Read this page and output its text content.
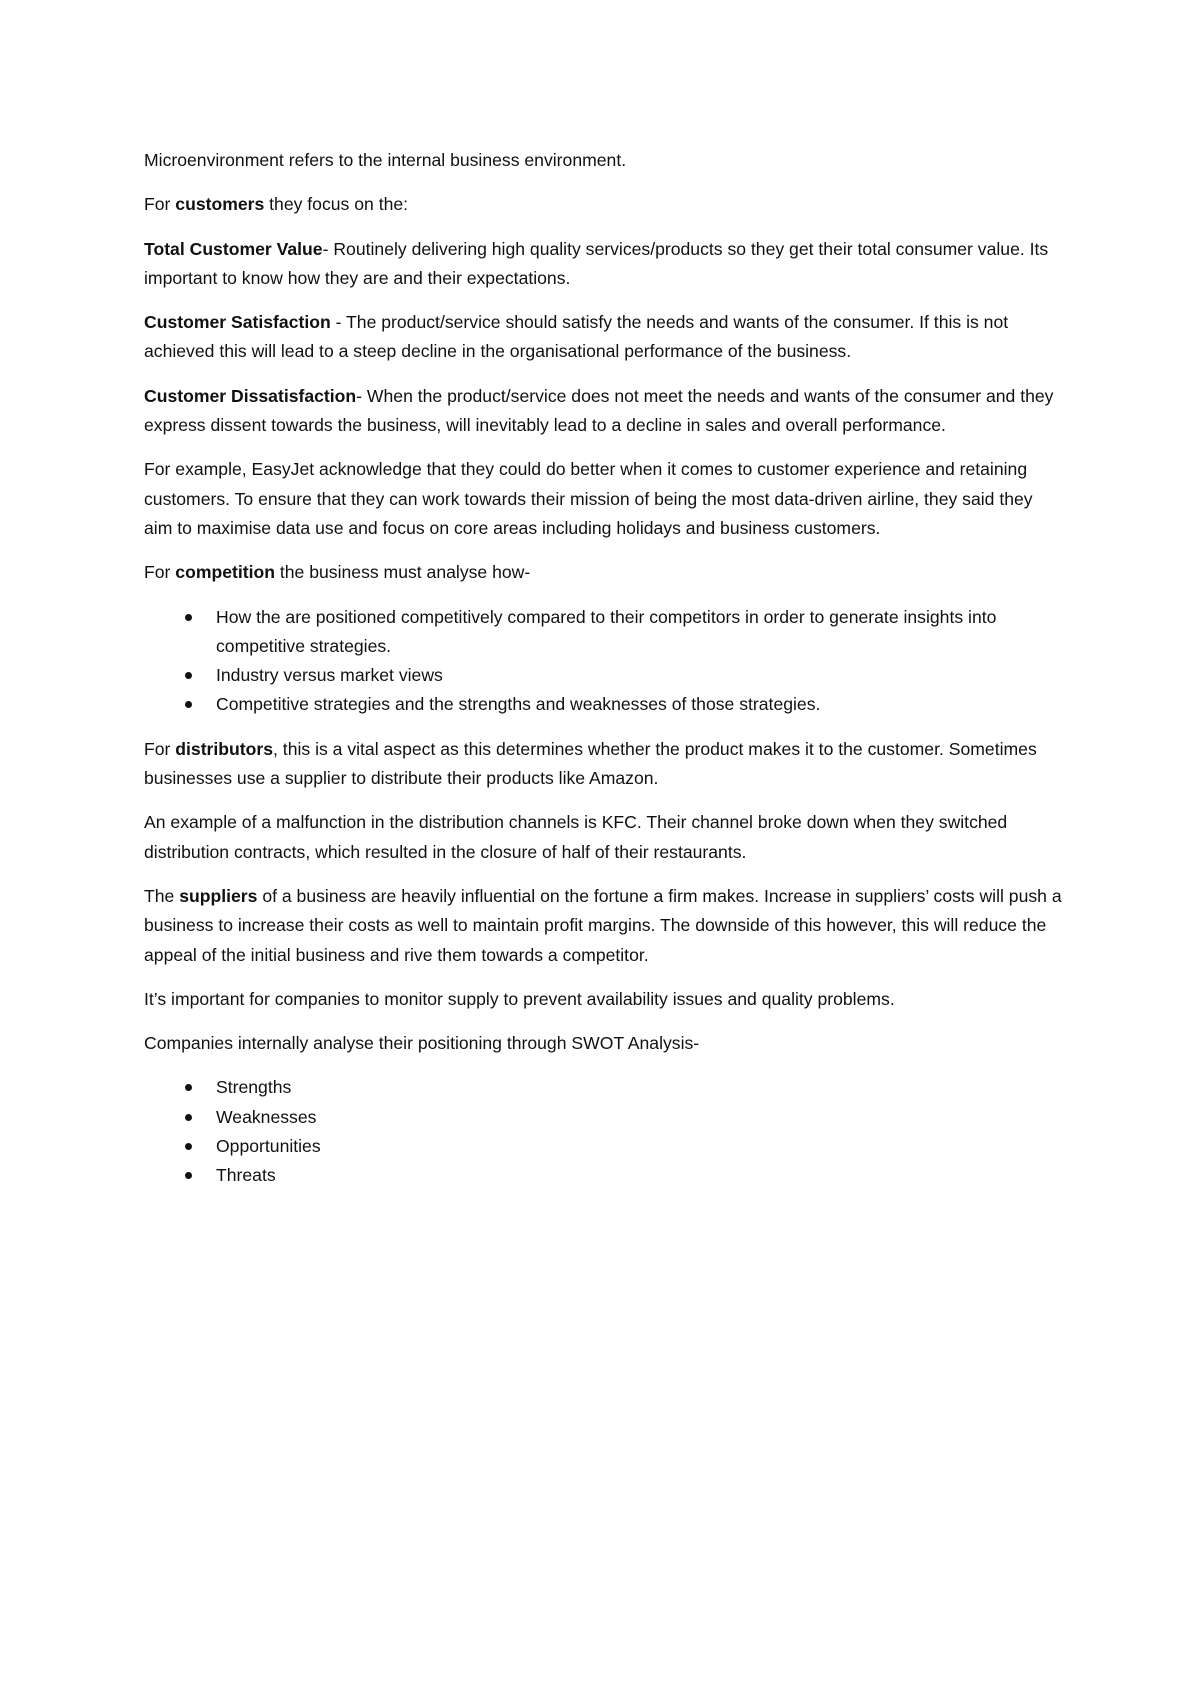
Microenvironment refers to the internal business environment.

For customers they focus on the:

Total Customer Value- Routinely delivering high quality services/products so they get their total consumer value. Its important to know how they are and their expectations.

Customer Satisfaction - The product/service should satisfy the needs and wants of the consumer. If this is not achieved this will lead to a steep decline in the organisational performance of the business.

Customer Dissatisfaction- When the product/service does not meet the needs and wants of the consumer and they express dissent towards the business, will inevitably lead to a decline in sales and overall performance.

For example, EasyJet acknowledge that they could do better when it comes to customer experience and retaining customers. To ensure that they can work towards their mission of being the most data-driven airline, they said they aim to maximise data use and focus on core areas including holidays and business customers.

For competition the business must analyse how-

How the are positioned competitively compared to their competitors in order to generate insights into competitive strategies.
Industry versus market views
Competitive strategies and the strengths and weaknesses of those strategies.

For distributors, this is a vital aspect as this determines whether the product makes it to the customer. Sometimes businesses use a supplier to distribute their products like Amazon.

An example of a malfunction in the distribution channels is KFC. Their channel broke down when they switched distribution contracts, which resulted in the closure of half of their restaurants.

The suppliers of a business are heavily influential on the fortune a firm makes. Increase in suppliers’ costs will push a business to increase their costs as well to maintain profit margins. The downside of this however, this will reduce the appeal of the initial business and rive them towards a competitor.

It’s important for companies to monitor supply to prevent availability issues and quality problems.

Companies internally analyse their positioning through SWOT Analysis-

Strengths
Weaknesses
Opportunities
Threats
